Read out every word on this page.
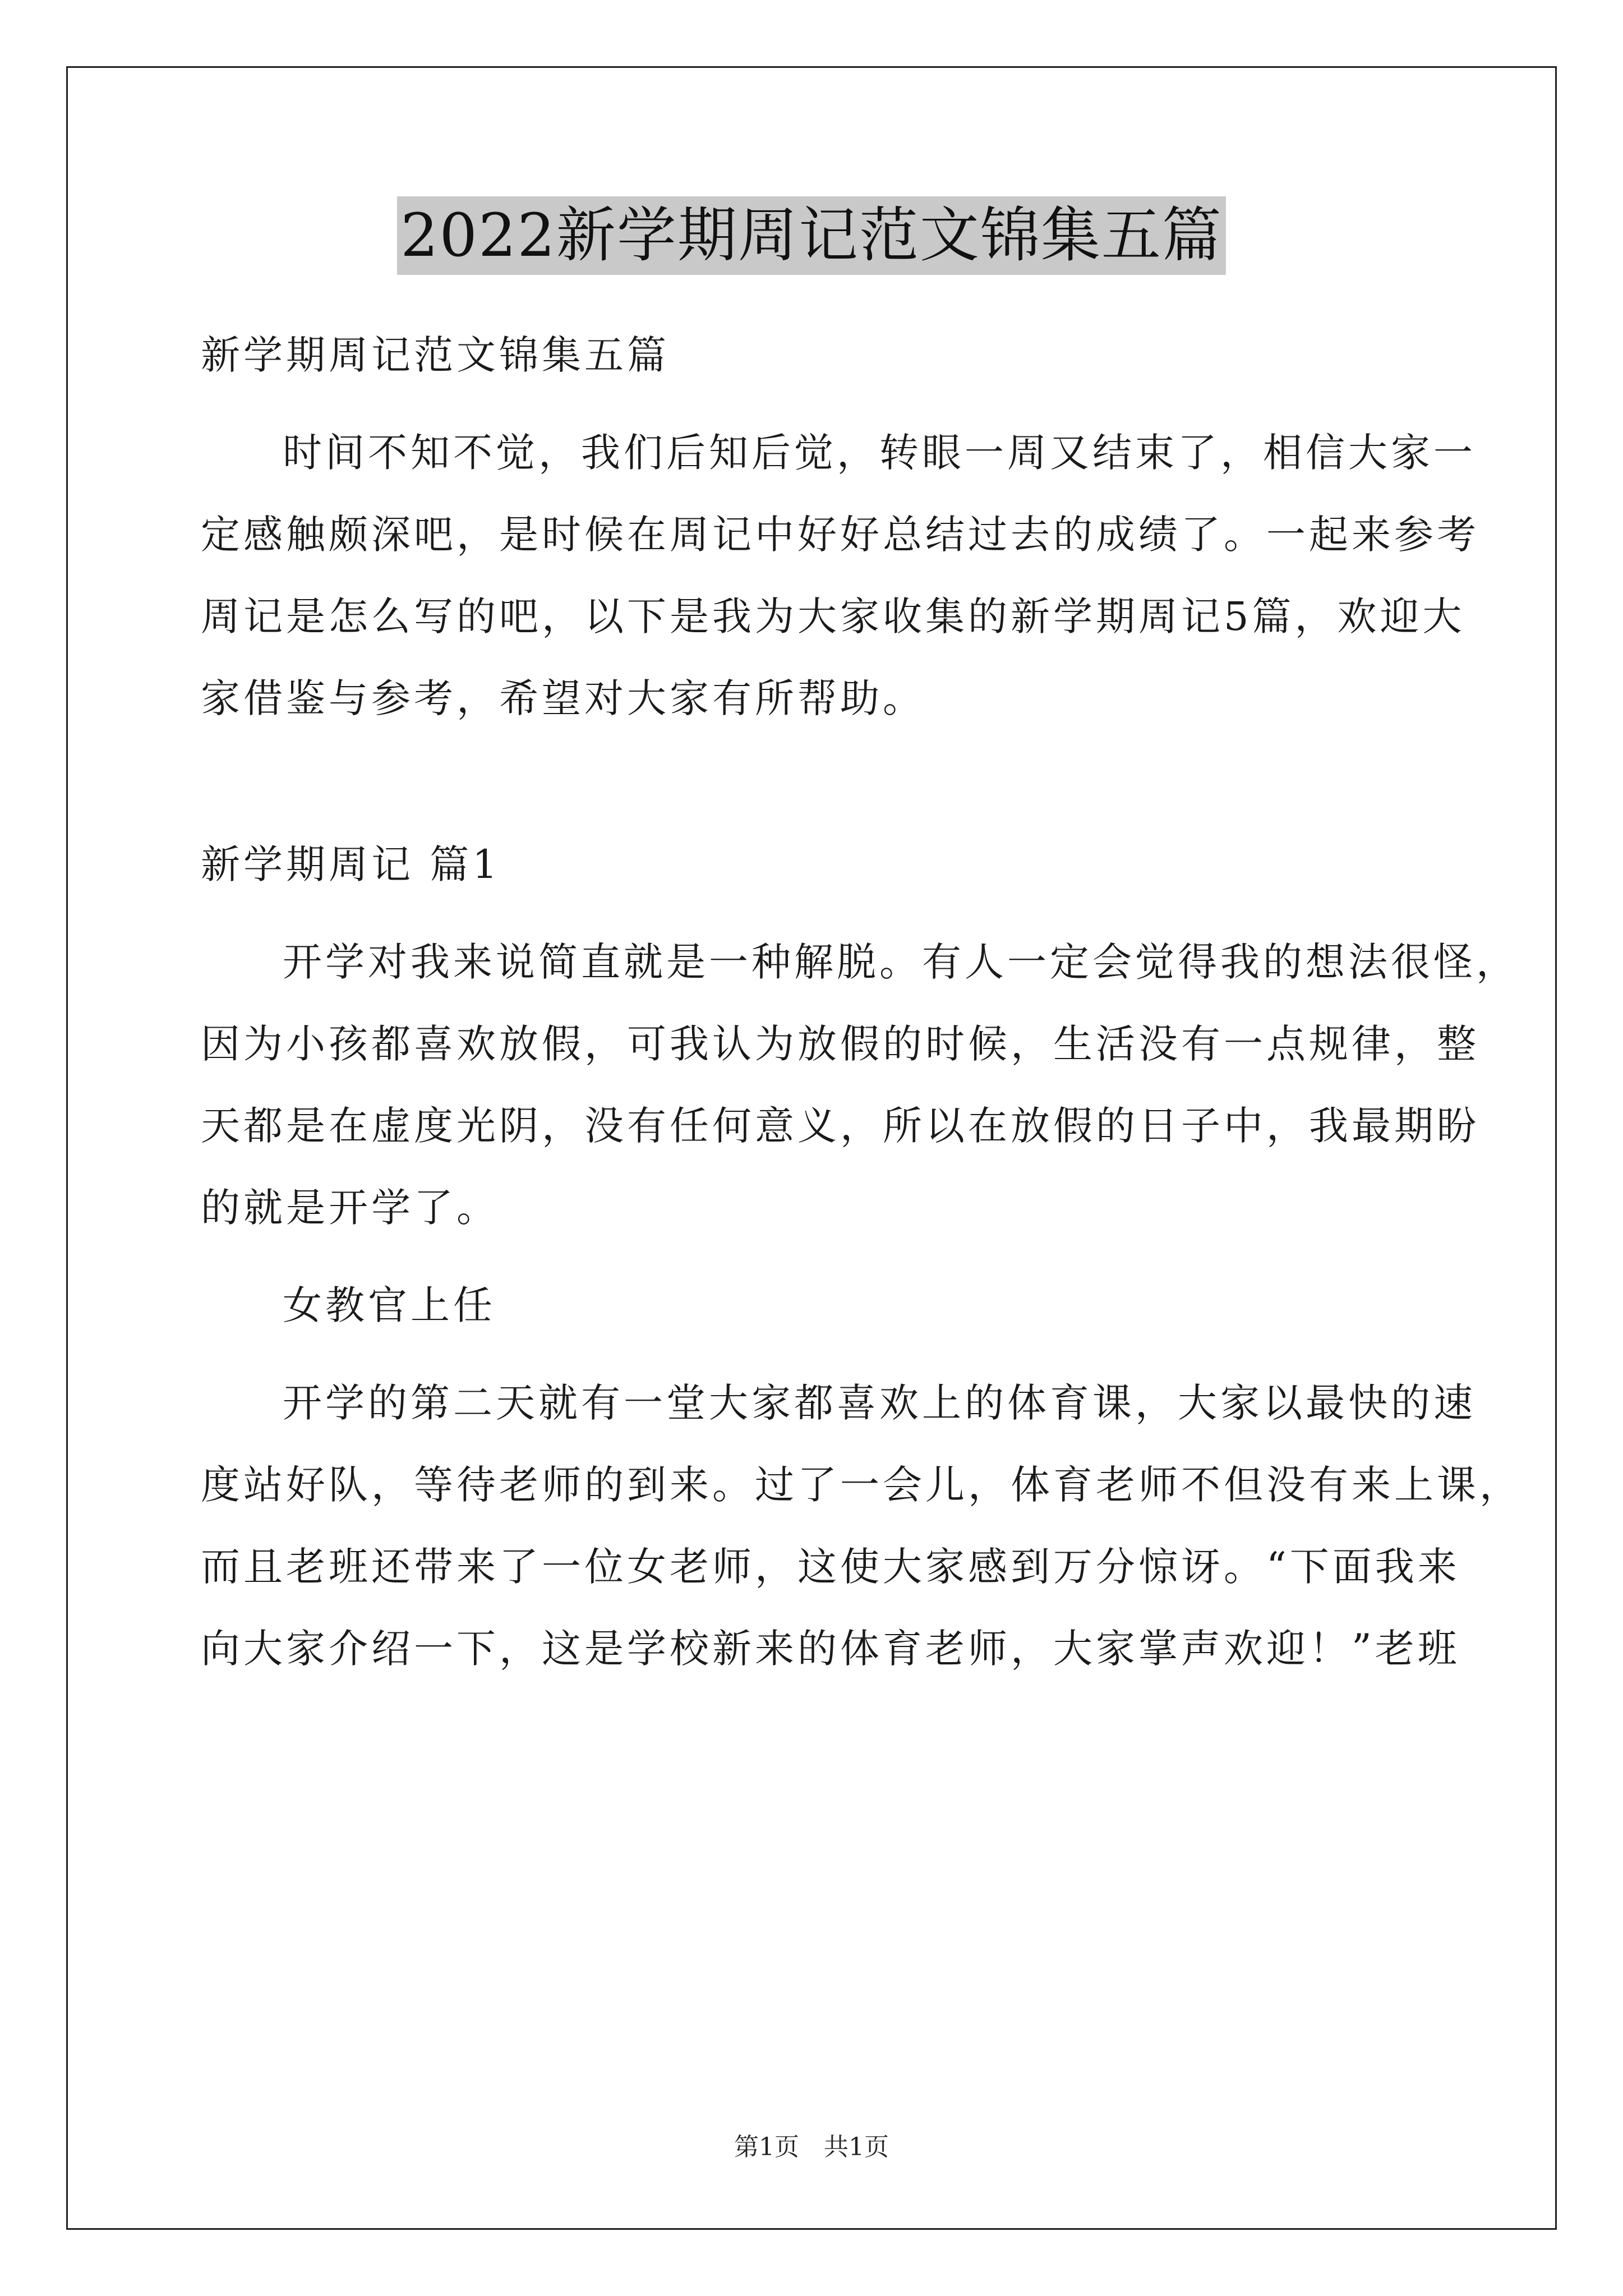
2022新学期周记范文锦集五篇
新学期周记范文锦集五篇
时间不知不觉，我们后知后觉，转眼一周又结束了，相信大家一
定感触颇深吧，是时候在周记中好好总结过去的成绩了。一起来参考
周记是怎么写的吧，以下是我为大家收集的新学期周记5篇，欢迎大
家借鉴与参考，希望对大家有所帮助。
新学期周记 篇1
开学对我来说简直就是一种解脱。有人一定会觉得我的想法很怪，
因为小孩都喜欢放假，可我认为放假的时候，生活没有一点规律，整
天都是在虚度光阴，没有任何意义，所以在放假的日子中，我最期盼
的就是开学了。
女教官上任
开学的第二天就有一堂大家都喜欢上的体育课，大家以最快的速
度站好队，等待老师的到来。过了一会儿，体育老师不但没有来上课，
而且老班还带来了一位女老师，这使大家感到万分惊讶。“下面我来
向大家介绍一下，这是学校新来的体育老师，大家掌声欢迎！”老班
第1页　共1页
